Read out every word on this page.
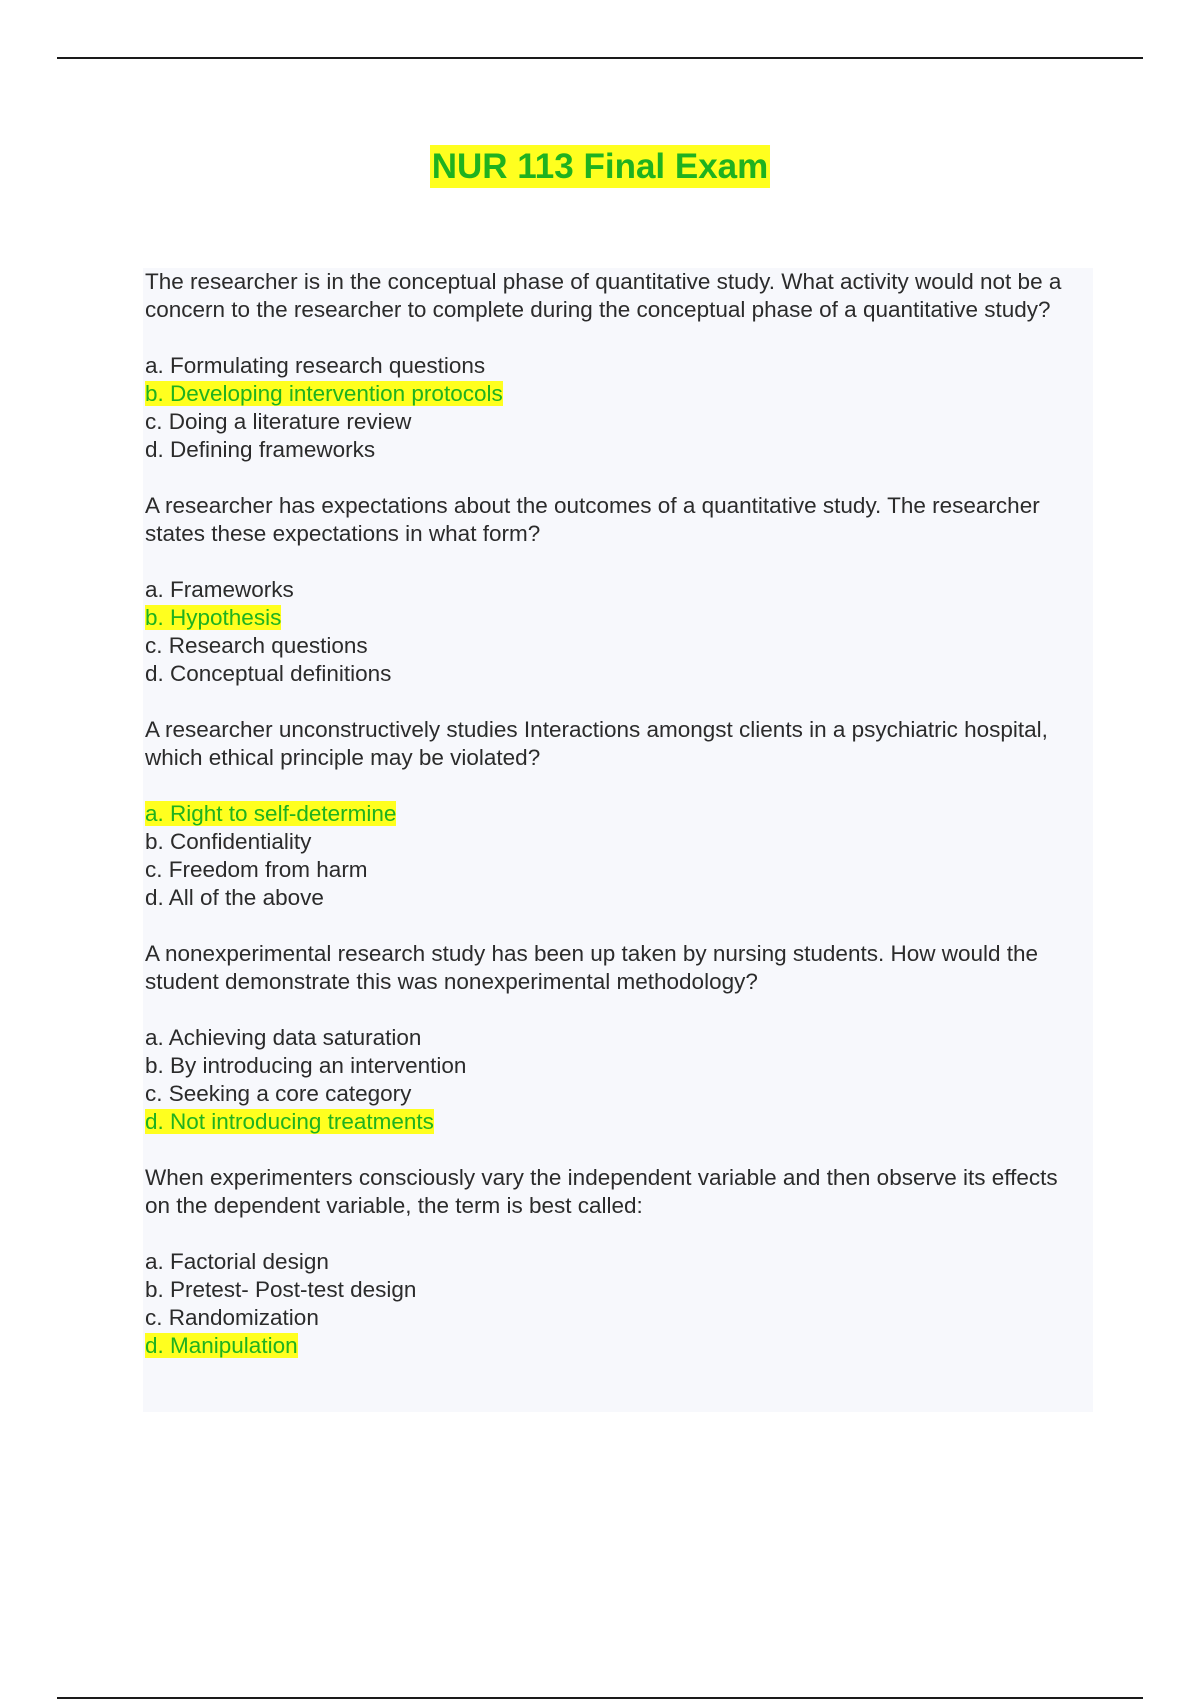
NUR 113 Final Exam

The researcher is in the conceptual phase of quantitative study. What activity would not be a concern to the researcher to complete during the conceptual phase of a quantitative study?

a. Formulating research questions
b. Developing intervention protocols
c. Doing a literature review
d. Defining frameworks

A researcher has expectations about the outcomes of a quantitative study. The researcher states these expectations in what form?

a. Frameworks
b. Hypothesis
c. Research questions
d. Conceptual definitions

A researcher unconstructively studies Interactions amongst clients in a psychiatric hospital, which ethical principle may be violated?

a. Right to self-determine
b. Confidentiality
c. Freedom from harm
d. All of the above

A nonexperimental research study has been up taken by nursing students. How would the student demonstrate this was nonexperimental methodology?

a. Achieving data saturation
b. By introducing an intervention
c. Seeking a core category
d. Not introducing treatments

When experimenters consciously vary the independent variable and then observe its effects on the dependent variable, the term is best called:

a. Factorial design
b. Pretest- Post-test design
c. Randomization
d. Manipulation
